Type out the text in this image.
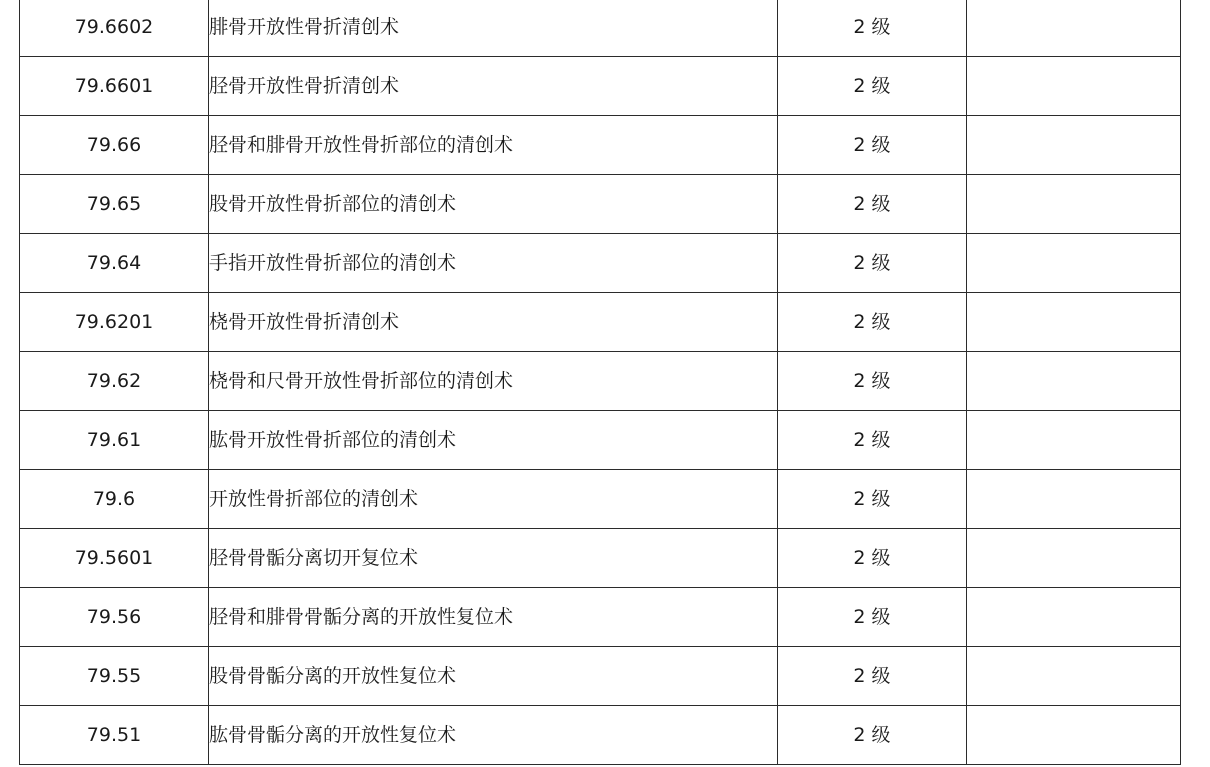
79.6602	腓骨开放性骨折清创术	2 级	
79.6601	胫骨开放性骨折清创术	2 级	
79.66	胫骨和腓骨开放性骨折部位的清创术	2 级	
79.65	股骨开放性骨折部位的清创术	2 级	
79.64	手指开放性骨折部位的清创术	2 级	
79.6201	桡骨开放性骨折清创术	2 级	
79.62	桡骨和尺骨开放性骨折部位的清创术	2 级	
79.61	肱骨开放性骨折部位的清创术	2 级	
79.6	开放性骨折部位的清创术	2 级	
79.5601	胫骨骨骺分离切开复位术	2 级	
79.56	胫骨和腓骨骨骺分离的开放性复位术	2 级	
79.55	股骨骨骺分离的开放性复位术	2 级	
79.51	肱骨骨骺分离的开放性复位术	2 级	
